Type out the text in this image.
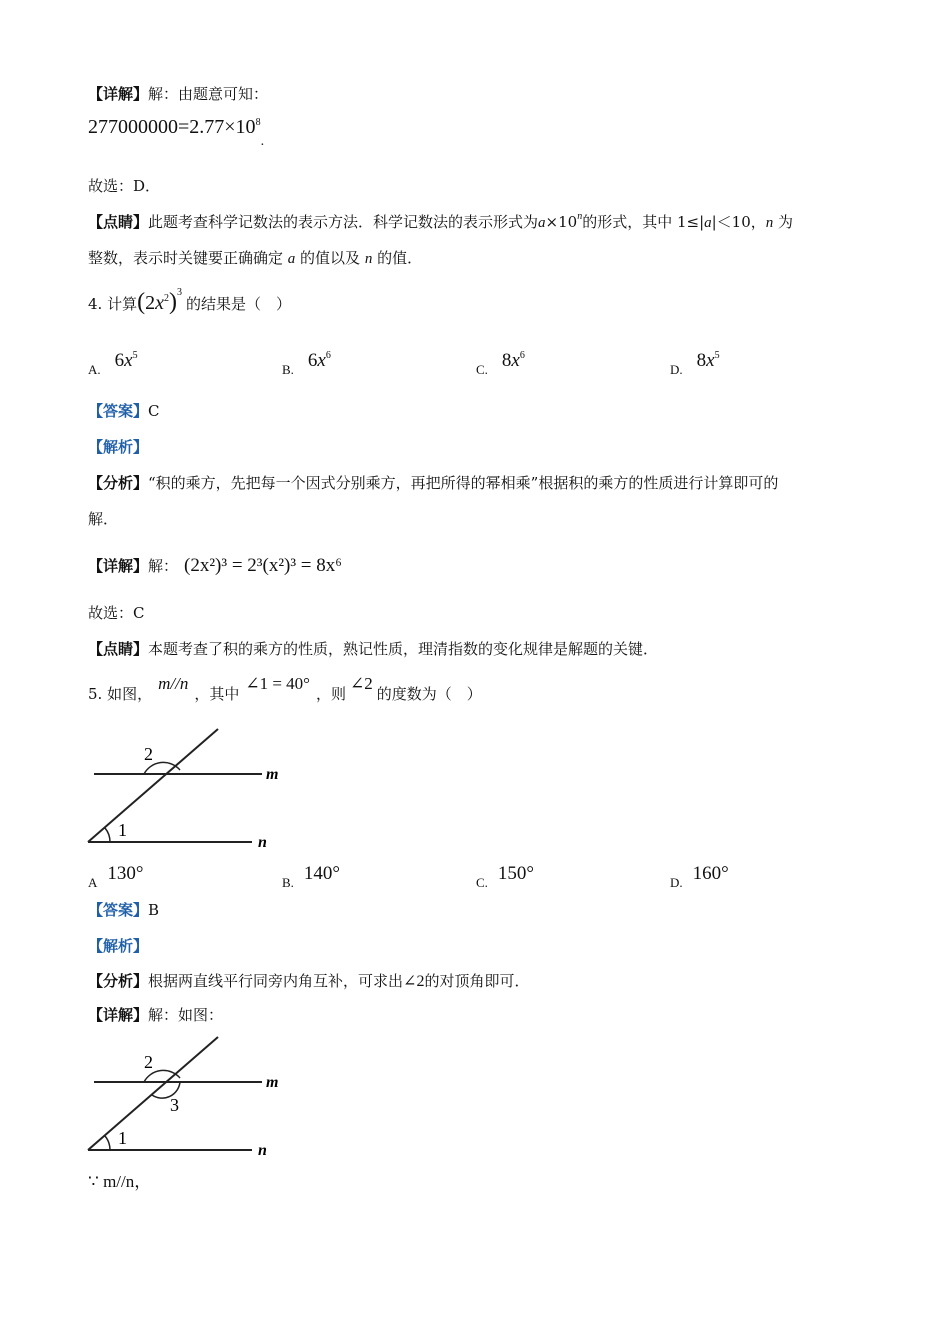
【详解】解：由题意可知：
$277000000=2.77\times 10^8_.$
故选：D．
【点睛】此题考查科学记数法的表示方法．科学记数法的表示形式为$a\times 10^n$的形式，其中 1≤|a|＜10，n 为
整数，表示时关键要正确确定 a 的值以及 n 的值．
4. 计算$(2x^2)^3$的结果是（　）
A. $6x^5$
B. $6x^6$
C. $8x^6$
D. $8x^5$
【答案】C
【解析】
【分析】“积的乘方，先把每一个因式分别乘方，再把所得的幂相乘”根据积的乘方的性质进行计算即可的
解．
【详解】解： (2x²)³ = 2³(x²)³ = 8x⁶
故选：C
【点睛】本题考查了积的乘方的性质，熟记性质，理清指数的变化规律是解题的关键．
5. 如图，m//n，其中∠1 = 40°，则∠2的度数为（　）
2
1
m
n
A 130°	B. 140°	C. 150°	D. 160°
【答案】B
【解析】
【分析】根据两直线平行同旁内角互补，可求出∠2的对顶角即可．
【详解】解：如图：
2
3
1
m
n
∵ m//n，
